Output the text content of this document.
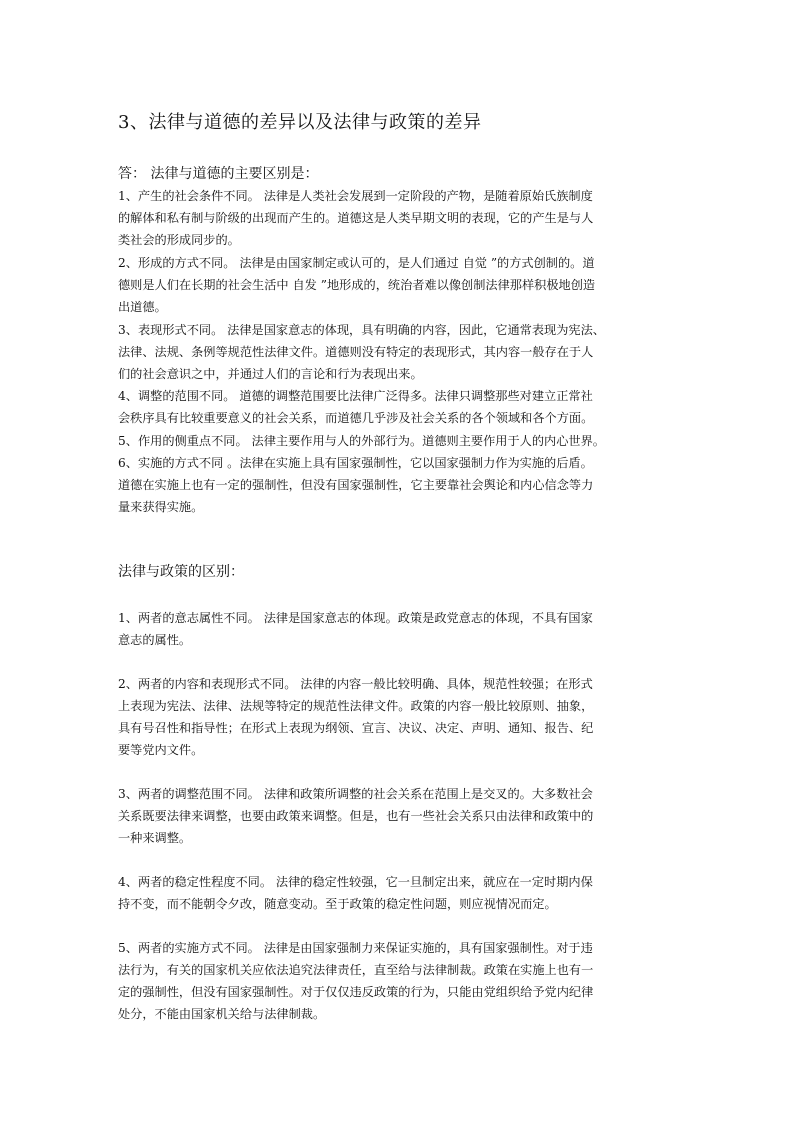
3、法律与道德的差异以及法律与政策的差异
答： 法律与道德的主要区别是：
1、产生的社会条件不同。 法律是人类社会发展到一定阶段的产物，是随着原始氏族制度
的解体和私有制与阶级的出现而产生的。道德这是人类早期文明的表现，它的产生是与人
类社会的形成同步的。
2、形成的方式不同。 法律是由国家制定或认可的，是人们通过 自觉 ”的方式创制的。道
德则是人们在长期的社会生活中 自发 ”地形成的，统治者难以像创制法律那样积极地创造
出道德。
3、表现形式不同。 法律是国家意志的体现，具有明确的内容，因此，它通常表现为宪法、
法律、法规、条例等规范性法律文件。道德则没有特定的表现形式，其内容一般存在于人
们的社会意识之中，并通过人们的言论和行为表现出来。
4、调整的范围不同。 道德的调整范围要比法律广泛得多。法律只调整那些对建立正常社
会秩序具有比较重要意义的社会关系，而道德几乎涉及社会关系的各个领域和各个方面。
5、作用的侧重点不同。 法律主要作用与人的外部行为。道德则主要作用于人的内心世界。
6、实施的方式不同 。法律在实施上具有国家强制性，它以国家强制力作为实施的后盾。
道德在实施上也有一定的强制性，但没有国家强制性，它主要靠社会舆论和内心信念等力
量来获得实施。
法律与政策的区别：
1、两者的意志属性不同。 法律是国家意志的体现。政策是政党意志的体现，不具有国家
意志的属性。
2、两者的内容和表现形式不同。 法律的内容一般比较明确、具体，规范性较强；在形式
上表现为宪法、法律、法规等特定的规范性法律文件。政策的内容一般比较原则、抽象，
具有号召性和指导性；在形式上表现为纲领、宣言、决议、决定、声明、通知、报告、纪
要等党内文件。
3、两者的调整范围不同。 法律和政策所调整的社会关系在范围上是交叉的。大多数社会
关系既要法律来调整，也要由政策来调整。但是，也有一些社会关系只由法律和政策中的
一种来调整。
4、两者的稳定性程度不同。 法律的稳定性较强，它一旦制定出来，就应在一定时期内保
持不变，而不能朝令夕改，随意变动。至于政策的稳定性问题，则应视情况而定。
5、两者的实施方式不同。 法律是由国家强制力来保证实施的，具有国家强制性。对于违
法行为，有关的国家机关应依法追究法律责任，直至给与法律制裁。政策在实施上也有一
定的强制性，但没有国家强制性。对于仅仅违反政策的行为，只能由党组织给予党内纪律
处分，不能由国家机关给与法律制裁。
